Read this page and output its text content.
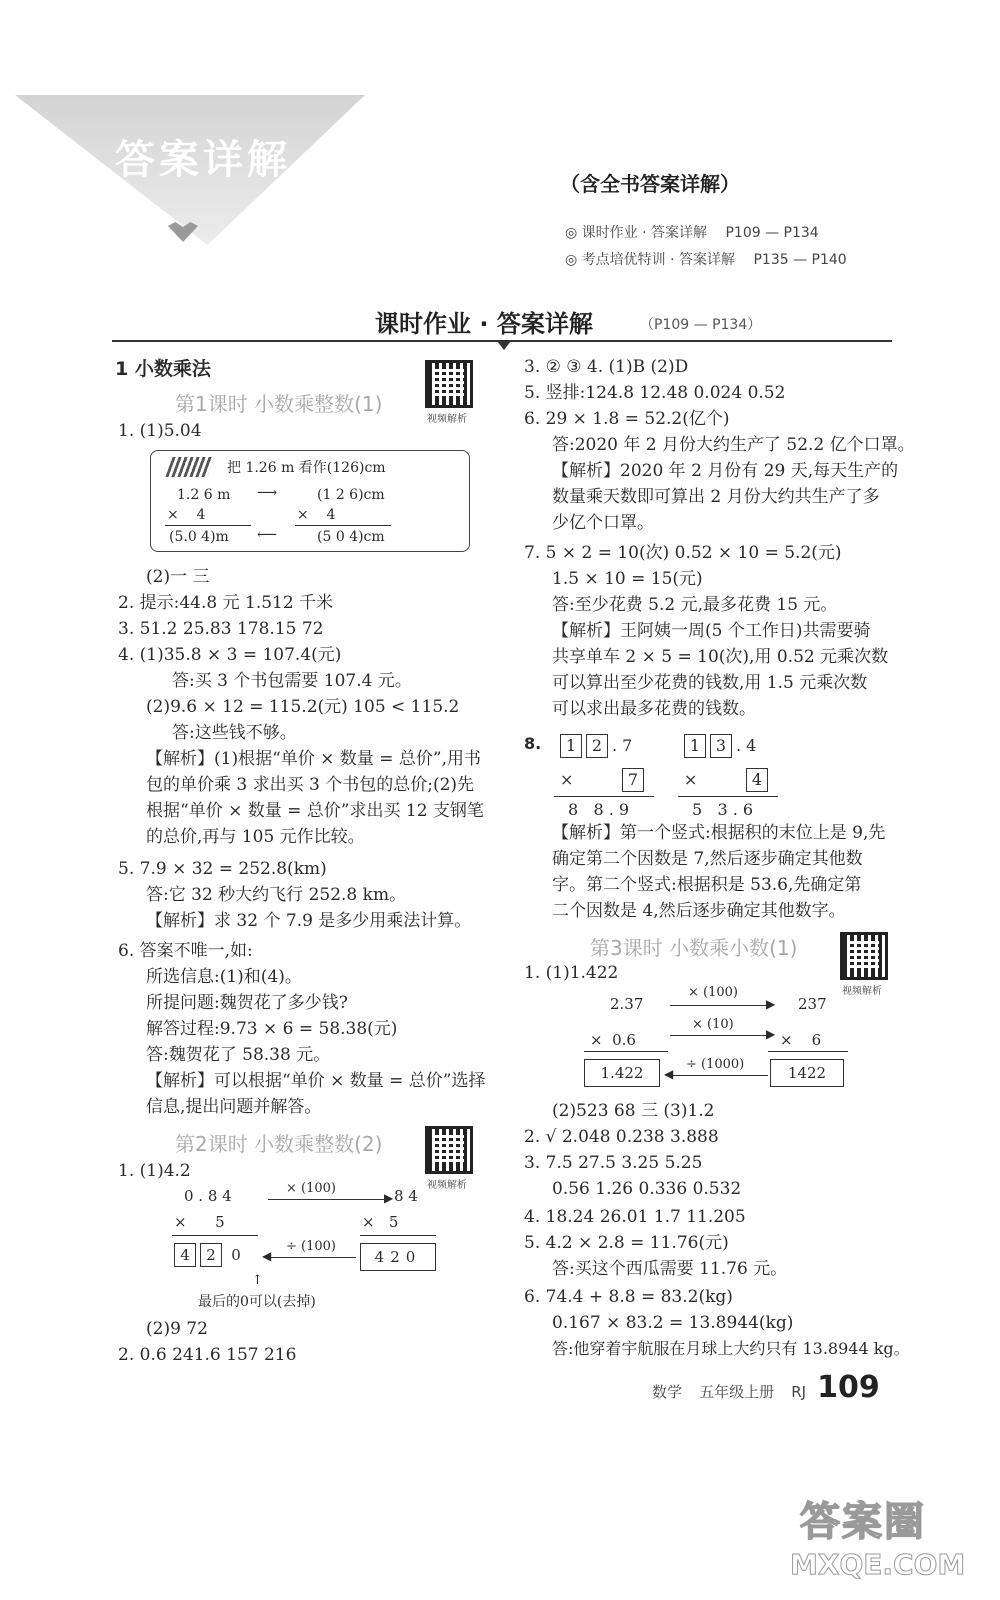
答案详解
（含全书答案详解）
◎ 课时作业 · 答案详解 P109 — P134
◎ 考点培优特训 · 答案详解 P135 — P140
课时作业 · 答案详解	（P109 — P134）
1 小数乘法
第1课时 小数乘整数(1)
视频解析
1. (1)5.04
把 1.26 m 看作(126)cm
1.2 6 m ⟶	(1 2 6)cm
×    4	×    4
(5.0 4)m ⟵	(5 0 4)cm
(2)一 三
2. 提示:44.8 元 1.512 千米
3. 51.2 25.83 178.15 72
4. (1)35.8 × 3 = 107.4(元)
答:买 3 个书包需要 107.4 元。
(2)9.6 × 12 = 115.2(元) 105 < 115.2
答:这些钱不够。
【解析】(1)根据“单价 × 数量 = 总价”,用书
包的单价乘 3 求出买 3 个书包的总价;(2)先
根据“单价 × 数量 = 总价”求出买 12 支钢笔
的总价,再与 105 元作比较。
5. 7.9 × 32 = 252.8(km)
答:它 32 秒大约飞行 252.8 km。
【解析】求 32 个 7.9 是多少用乘法计算。
6. 答案不唯一,如:
所选信息:(1)和(4)。
所提问题:魏贺花了多少钱?
解答过程:9.73 × 6 = 58.38(元)
答:魏贺花了 58.38 元。
【解析】可以根据“单价 × 数量 = 总价”选择
信息,提出问题并解答。
第2课时 小数乘整数(2)
视频解析
1. (1)4.2
0 . 8 4	× (100)
▶ 8 4
×      5	×   5
4 2 0	÷ (100)
◀	420
↑
最后的0可以(去掉)
(2)9 72
2. 0.6 241.6 157 216
3. ② ③ 4. (1)B (2)D
5. 竖排:124.8 12.48 0.024 0.52
6. 29 × 1.8 = 52.2(亿个)
答:2020 年 2 月份大约生产了 52.2 亿个口罩。
【解析】2020 年 2 月份有 29 天,每天生产的
数量乘天数即可算出 2 月份大约共生产了多
少亿个口罩。
7. 5 × 2 = 10(次) 0.52 × 10 = 5.2(元)
1.5 × 10 = 15(元)
答:至少花费 5.2 元,最多花费 15 元。
【解析】王阿姨一周(5 个工作日)共需要骑
共享单车 2 × 5 = 10(次),用 0.52 元乘次数
可以算出至少花费的钱数,用 1.5 元乘次数
可以求出最多花费的钱数。
8.	1 2 . 7
×	7
8   8 . 9
1 3 . 4
×	4
5   3 . 6
【解析】第一个竖式:根据积的末位上是 9,先
确定第二个因数是 7,然后逐步确定其他数
字。第二个竖式:根据积是 53.6,先确定第
二个因数是 4,然后逐步确定其他数字。
第3课时 小数乘小数(1)
视频解析
1. (1)1.422
2.37
× (100)
▶ 237
×  0.6
× (10)
▶ ×    6
1.422	÷ (1000)
◀	1422
(2)523 68 三 (3)1.2
2. √ 2.048 0.238 3.888
3. 7.5 27.5 3.25 5.25
0.56 1.26 0.336 0.532
4. 18.24 26.01 1.7 11.205
5. 4.2 × 2.8 = 11.76(元)
答:买这个西瓜需要 11.76 元。
6. 74.4 + 8.8 = 83.2(kg)
0.167 × 83.2 = 13.8944(kg)
答:他穿着宇航服在月球上大约只有 13.8944 kg。
数学 五年级上册 RJ 109
答案圈
MXQE.COM
